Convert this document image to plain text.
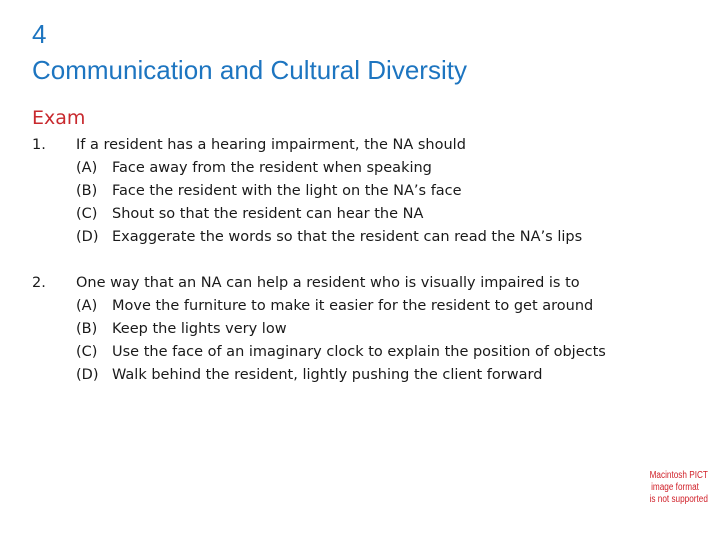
4
Communication and Cultural Diversity
Exam
1. If a resident has a hearing impairment, the NA should
(A) Face away from the resident when speaking
(B) Face the resident with the light on the NA’s face
(C) Shout so that the resident can hear the NA
(D) Exaggerate the words so that the resident can read the NA’s lips
2. One way that an NA can help a resident who is visually impaired is to
(A) Move the furniture to make it easier for the resident to get around
(B) Keep the lights very low
(C) Use the face of an imaginary clock to explain the position of objects
(D) Walk behind the resident, lightly pushing the client forward
Macintosh PICT
image format
is not supported
